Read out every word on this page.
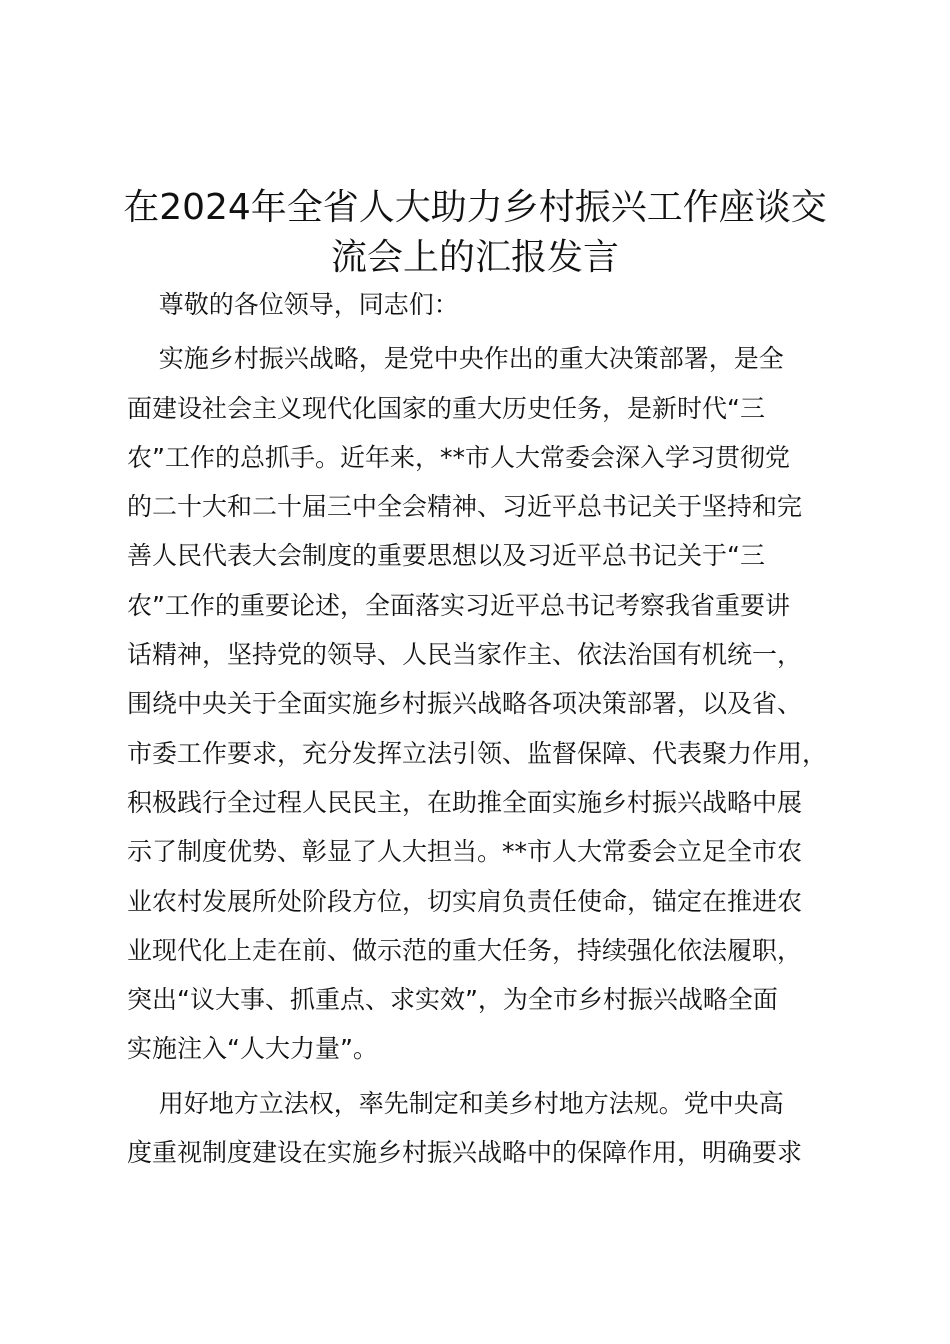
在2024年全省人大助力乡村振兴工作座谈交
流会上的汇报发言
尊敬的各位领导，同志们：
实施乡村振兴战略，是党中央作出的重大决策部署，是全
面建设社会主义现代化国家的重大历史任务，是新时代“三
农”工作的总抓手。近年来，**市人大常委会深入学习贯彻党
的二十大和二十届三中全会精神、习近平总书记关于坚持和完
善人民代表大会制度的重要思想以及习近平总书记关于“三
农”工作的重要论述，全面落实习近平总书记考察我省重要讲
话精神，坚持党的领导、人民当家作主、依法治国有机统一，
围绕中央关于全面实施乡村振兴战略各项决策部署，以及省、
市委工作要求，充分发挥立法引领、监督保障、代表聚力作用，
积极践行全过程人民民主，在助推全面实施乡村振兴战略中展
示了制度优势、彰显了人大担当。**市人大常委会立足全市农
业农村发展所处阶段方位，切实肩负责任使命，锚定在推进农
业现代化上走在前、做示范的重大任务，持续强化依法履职，
突出“议大事、抓重点、求实效”，为全市乡村振兴战略全面
实施注入“人大力量”。
用好地方立法权，率先制定和美乡村地方法规。党中央高
度重视制度建设在实施乡村振兴战略中的保障作用，明确要求
